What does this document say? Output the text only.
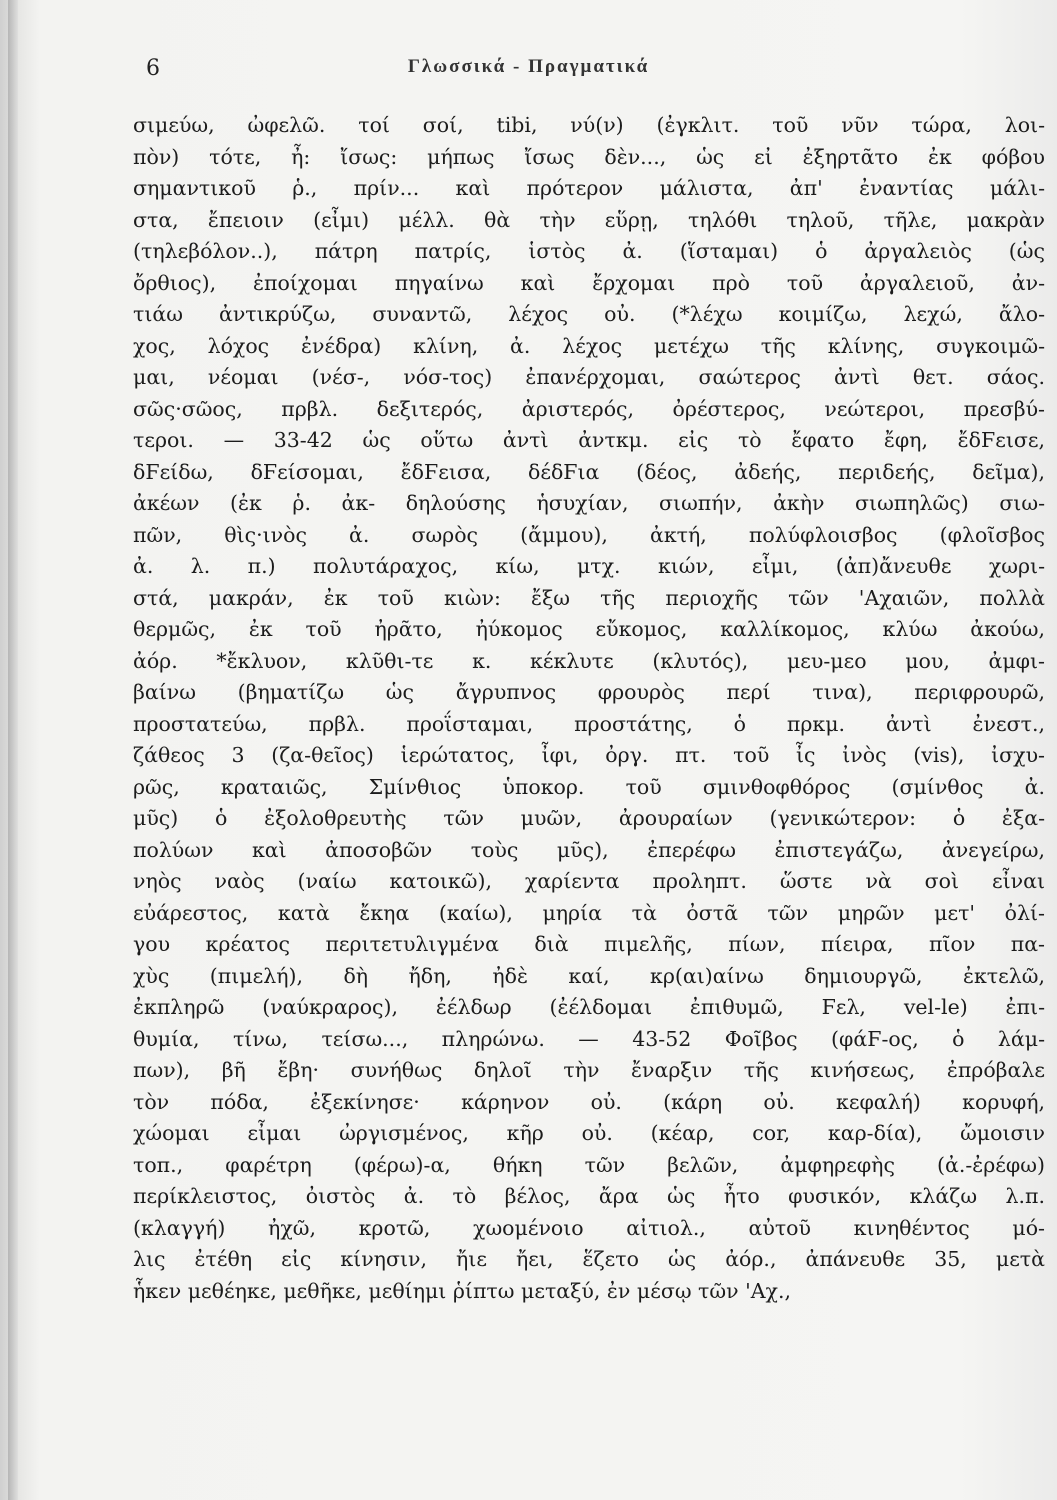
6	Γλωσσικά - Πραγματικά
σιμεύω, ὠφελῶ. τοί σοί, tibi, νύ(ν) (ἐγκλιτ. τοῦ νῦν τώρα, λοι-
πὸν) τότε, ἦ: ἴσως: μήπως ἴσως δὲν..., ὡς εἰ ἐξηρτᾶτο ἐκ φόβου
σημαντικοῦ ῥ., πρίν... καὶ πρότερον μάλιστα, ἀπ' ἐναντίας μάλι-
στα, ἔπειοιν (εἶμι) μέλλ. θὰ τὴν εὕρῃ, τηλόθι τηλοῦ, τῆλε, μακρὰν
(τηλεβόλον..), πάτρη πατρίς, ἱστὸς ἀ. (ἵσταμαι) ὁ ἀργαλειὸς (ὡς
ὄρθιος), ἐποίχομαι πηγαίνω καὶ ἔρχομαι πρὸ τοῦ ἀργαλειοῦ, ἀν-
τιάω ἀντικρύζω, συναντῶ, λέχος οὐ. (*λέχω κοιμίζω, λεχώ, ἄλο-
χος, λόχος ἐνέδρα) κλίνη, ἀ. λέχος μετέχω τῆς κλίνης, συγκοιμῶ-
μαι, νέομαι (νέσ-, νόσ-τος) ἐπανέρχομαι, σαώτερος ἀντὶ θετ. σάος.
σῶς·σῶος, πρβλ. δεξιτερός, ἀριστερός, ὀρέστερος, νεώτεροι, πρεσβύ-
τεροι. — 33-42 ὡς οὕτω ἀντὶ ἀντκμ. εἰς τὸ ἔφατο ἔφη, ἔδϜεισε,
δϜείδω, δϜείσομαι, ἔδϜεισα, δέδϜια (δέος, ἀδεής, περιδεής, δεῖμα),
ἀκέων (ἐκ ῥ. ἀκ- δηλούσης ἡσυχίαν, σιωπήν, ἀκὴν σιωπηλῶς) σιω-
πῶν, θὶς·ινὸς ἀ. σωρὸς (ἄμμου), ἀκτή, πολύφλοισβος (φλοῖσβος
ἀ. λ. π.) πολυτάραχος, κίω, μτχ. κιών, εἶμι, (ἀπ)ἄνευθε χωρι-
στά, μακράν, ἐκ τοῦ κιὼν: ἔξω τῆς περιοχῆς τῶν 'Αχαιῶν, πολλὰ
θερμῶς, ἐκ τοῦ ἠρᾶτο, ἠύκομος εὔκομος, καλλίκομος, κλύω ἀκούω,
ἀόρ. *ἔκλυον, κλῦθι-τε κ. κέκλυτε (κλυτός), μευ-μεο μου, ἀμφι-
βαίνω (βηματίζω ὡς ἄγρυπνος φρουρὸς περί τινα), περιφρουρῶ,
προστατεύω, πρβλ. προΐσταμαι, προστάτης, ὁ πρκμ. ἀντὶ ἐνεστ.,
ζάθεος 3 (ζα-θεῖος) ἱερώτατος, ἶφι, ὀργ. πτ. τοῦ ἶς ἰνὸς (vis), ἰσχυ-
ρῶς, κραταιῶς, Σμίνθιος ὑποκορ. τοῦ σμινθοφθόρος (σμίνθος ἀ.
μῦς) ὁ ἐξολοθρευτὴς τῶν μυῶν, ἀρουραίων (γενικώτερον: ὁ ἐξα-
πολύων καὶ ἀποσοβῶν τοὺς μῦς), ἐπερέφω ἐπιστεγάζω, ἀνεγείρω,
νηὸς ναὸς (ναίω κατοικῶ), χαρίεντα προληπτ. ὥστε νὰ σοὶ εἶναι
εὐάρεστος, κατὰ ἔκηα (καίω), μηρία τὰ ὀστᾶ τῶν μηρῶν μετ' ὀλί-
γου κρέατος περιτετυλιγμένα διὰ πιμελῆς, πίων, πίειρα, πῖον πα-
χὺς (πιμελή), δὴ ἤδη, ἠδὲ καί, κρ(αι)αίνω δημιουργῶ, ἐκτελῶ,
ἐκπληρῶ (ναύκραρος), ἐέλδωρ (ἐέλδομαι ἐπιθυμῶ, Ϝελ, vel-le) ἐπι-
θυμία, τίνω, τείσω..., πληρώνω. — 43-52 Φοῖβος (φάϜ-ος, ὁ λάμ-
πων), βῆ ἔβη· συνήθως δηλοῖ τὴν ἔναρξιν τῆς κινήσεως, ἐπρόβαλε
τὸν πόδα, ἐξεκίνησε· κάρηνον οὐ. (κάρη οὐ. κεφαλή) κορυφή,
χώομαι εἶμαι ὠργισμένος, κῆρ οὐ. (κέαρ, cor, καρ-δία), ὤμοισιν
τοπ., φαρέτρη (φέρω)-α, θήκη τῶν βελῶν, ἀμφηρεφὴς (ἀ.-ἐρέφω)
περίκλειστος, ὀιστὸς ἀ. τὸ βέλος, ἄρα ὡς ἦτο φυσικόν, κλάζω λ.π.
(κλαγγή) ἠχῶ, κροτῶ, χωομένοιο αἰτιολ., αὐτοῦ κινηθέντος μό-
λις ἐτέθη εἰς κίνησιν, ἤιε ἤει, ἕζετο ὡς ἀόρ., ἀπάνευθε 35, μετὰ
ἧκεν μεθέηκε, μεθῆκε, μεθίημι ῥίπτω μεταξύ, ἐν μέσῳ τῶν 'Αχ.,
